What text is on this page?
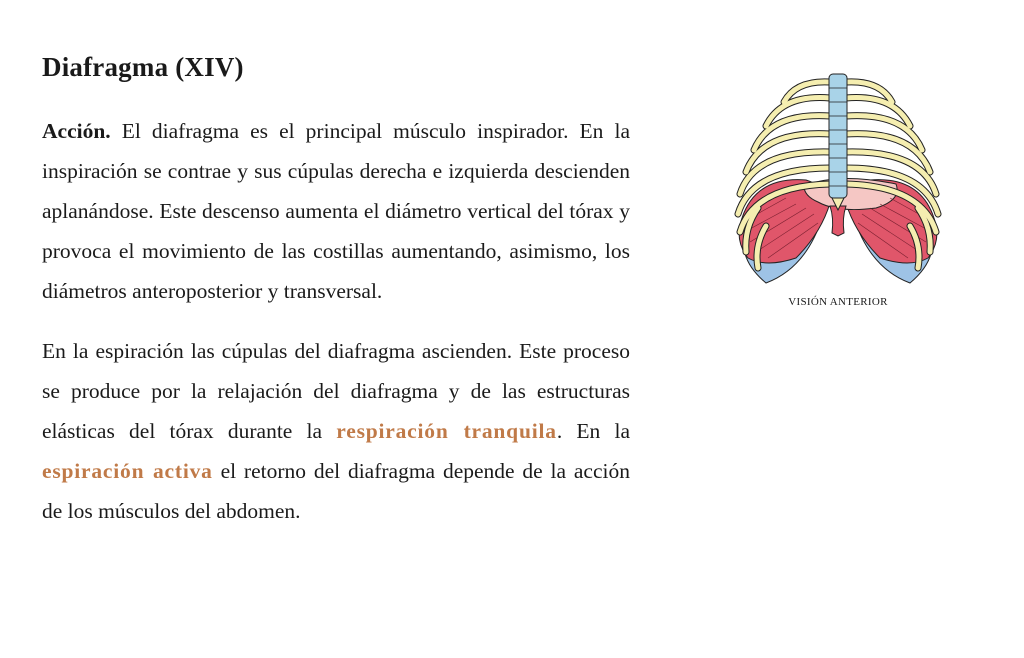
Diafragma (XIV)

Acción. El diafragma es el principal músculo inspirador. En la inspiración se contrae y sus cúpulas derecha e izquierda descienden aplanándose. Este descenso aumenta el diámetro vertical del tórax y provoca el movimiento de las costillas aumentando, asimismo, los diámetros anteroposterior y transversal.

En la espiración las cúpulas del diafragma ascienden. Este proceso se produce por la relajación del diafragma y de las estructuras elásticas del tórax durante la respiración tranquila. En la espiración activa el retorno del diafragma depende de la acción de los músculos del abdomen.

VISIÓN ANTERIOR
